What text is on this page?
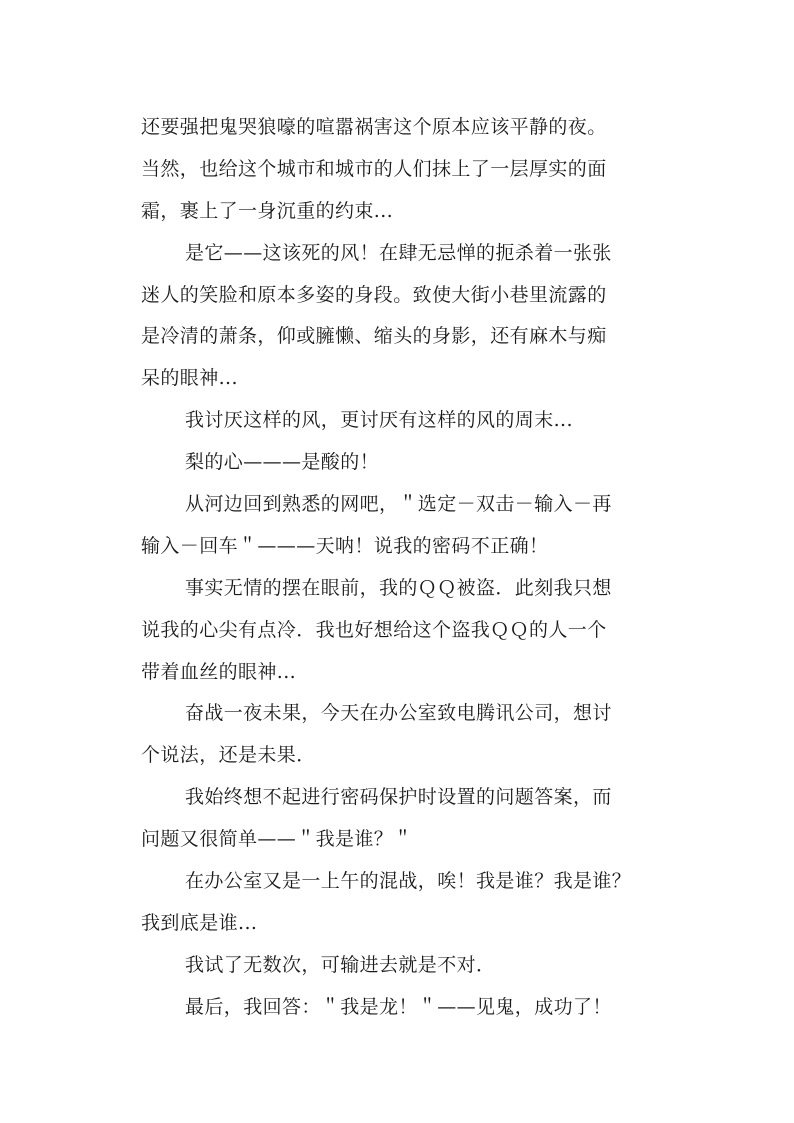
还要强把鬼哭狼嚎的喧嚣祸害这个原本应该平静的夜。
当然，也给这个城市和城市的人们抹上了一层厚实的面
霜，裹上了一身沉重的约束...
是它——这该死的风！在肆无忌惮的扼杀着一张张
迷人的笑脸和原本多姿的身段。致使大街小巷里流露的
是冷清的萧条，仰或臃懒、缩头的身影，还有麻木与痴
呆的眼神...
我讨厌这样的风，更讨厌有这样的风的周末...
梨的心———是酸的！
从河边回到熟悉的网吧，＂选定－双击－输入－再
输入－回车＂———天呐！说我的密码不正确！
事实无情的摆在眼前，我的ＱＱ被盗．此刻我只想
说我的心尖有点冷．我也好想给这个盗我ＱＱ的人一个
带着血丝的眼神...
奋战一夜未果，今天在办公室致电腾讯公司，想讨
个说法，还是未果．
我始终想不起进行密码保护时设置的问题答案，而
问题又很简单——＂我是谁？＂
在办公室又是一上午的混战，唉！我是谁？我是谁？
我到底是谁...
我试了无数次，可输进去就是不对．
最后，我回答：＂我是龙！＂——见鬼，成功了！
